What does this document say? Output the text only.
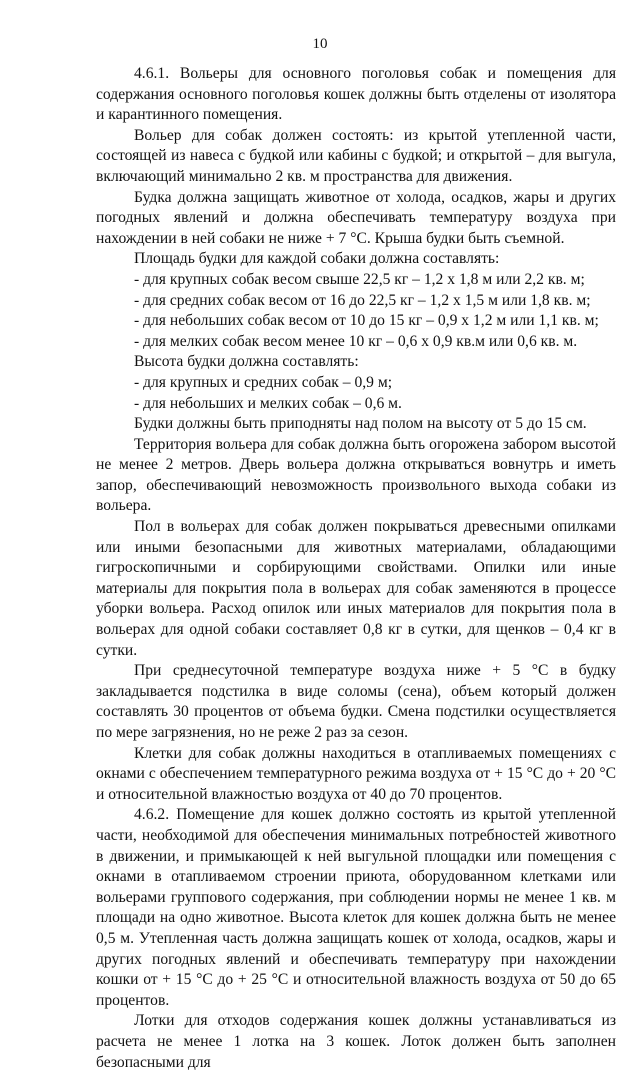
10

4.6.1. Вольеры для основного поголовья собак и помещения для содержания основного поголовья кошек должны быть отделены от изолятора и карантинного помещения.

Вольер для собак должен состоять: из крытой утепленной части, состоящей из навеса с будкой или кабины с будкой; и открытой – для выгула, включающий минимально 2 кв. м пространства для движения.

Будка должна защищать животное от холода, осадков, жары и других погодных явлений и должна обеспечивать температуру воздуха при нахождении в ней собаки не ниже + 7 °С. Крыша будки быть съемной.

Площадь будки для каждой собаки должна составлять:

- для крупных собак весом свыше 22,5 кг – 1,2 х 1,8 м или 2,2 кв. м;

- для средних собак весом от 16 до 22,5 кг – 1,2 х 1,5 м или 1,8 кв. м;

- для небольших собак весом от 10 до 15 кг – 0,9 х 1,2 м или 1,1 кв. м;

- для мелких собак весом менее 10 кг – 0,6 х 0,9 кв.м или 0,6 кв. м.

Высота будки должна составлять:

- для крупных и средних собак – 0,9 м;

- для небольших и мелких собак – 0,6 м.

Будки должны быть приподняты над полом на высоту от 5 до 15 см.

Территория вольера для собак должна быть огорожена забором высотой не менее 2 метров. Дверь вольера должна открываться вовнутрь и иметь запор, обеспечивающий невозможность произвольного выхода собаки из вольера.

Пол в вольерах для собак должен покрываться древесными опилками или иными безопасными для животных материалами, обладающими гигроскопичными и сорбирующими свойствами. Опилки или иные материалы для покрытия пола в вольерах для собак заменяются в процессе уборки вольера. Расход опилок или иных материалов для покрытия пола в вольерах для одной собаки составляет 0,8 кг в сутки, для щенков – 0,4 кг в сутки.

При среднесуточной температуре воздуха ниже + 5 °С в будку закладывается подстилка в виде соломы (сена), объем который должен составлять 30 процентов от объема будки. Смена подстилки осуществляется по мере загрязнения, но не реже 2 раз за сезон.

Клетки для собак должны находиться в отапливаемых помещениях с окнами с обеспечением температурного режима воздуха от + 15 °С до + 20 °С и относительной влажностью воздуха от 40 до 70 процентов.

4.6.2. Помещение для кошек должно состоять из крытой утепленной части, необходимой для обеспечения минимальных потребностей животного в движении, и примыкающей к ней выгульной площадки или помещения с окнами в отапливаемом строении приюта, оборудованном клетками или вольерами группового содержания, при соблюдении нормы не менее 1 кв. м площади на одно животное. Высота клеток для кошек должна быть не менее 0,5 м. Утепленная часть должна защищать кошек от холода, осадков, жары и других погодных явлений и обеспечивать температуру при нахождении кошки от + 15 °С до + 25 °С и относительной влажность воздуха от 50 до 65 процентов.

Лотки для отходов содержания кошек должны устанавливаться из расчета не менее 1 лотка на 3 кошек. Лоток должен быть заполнен безопасными для
